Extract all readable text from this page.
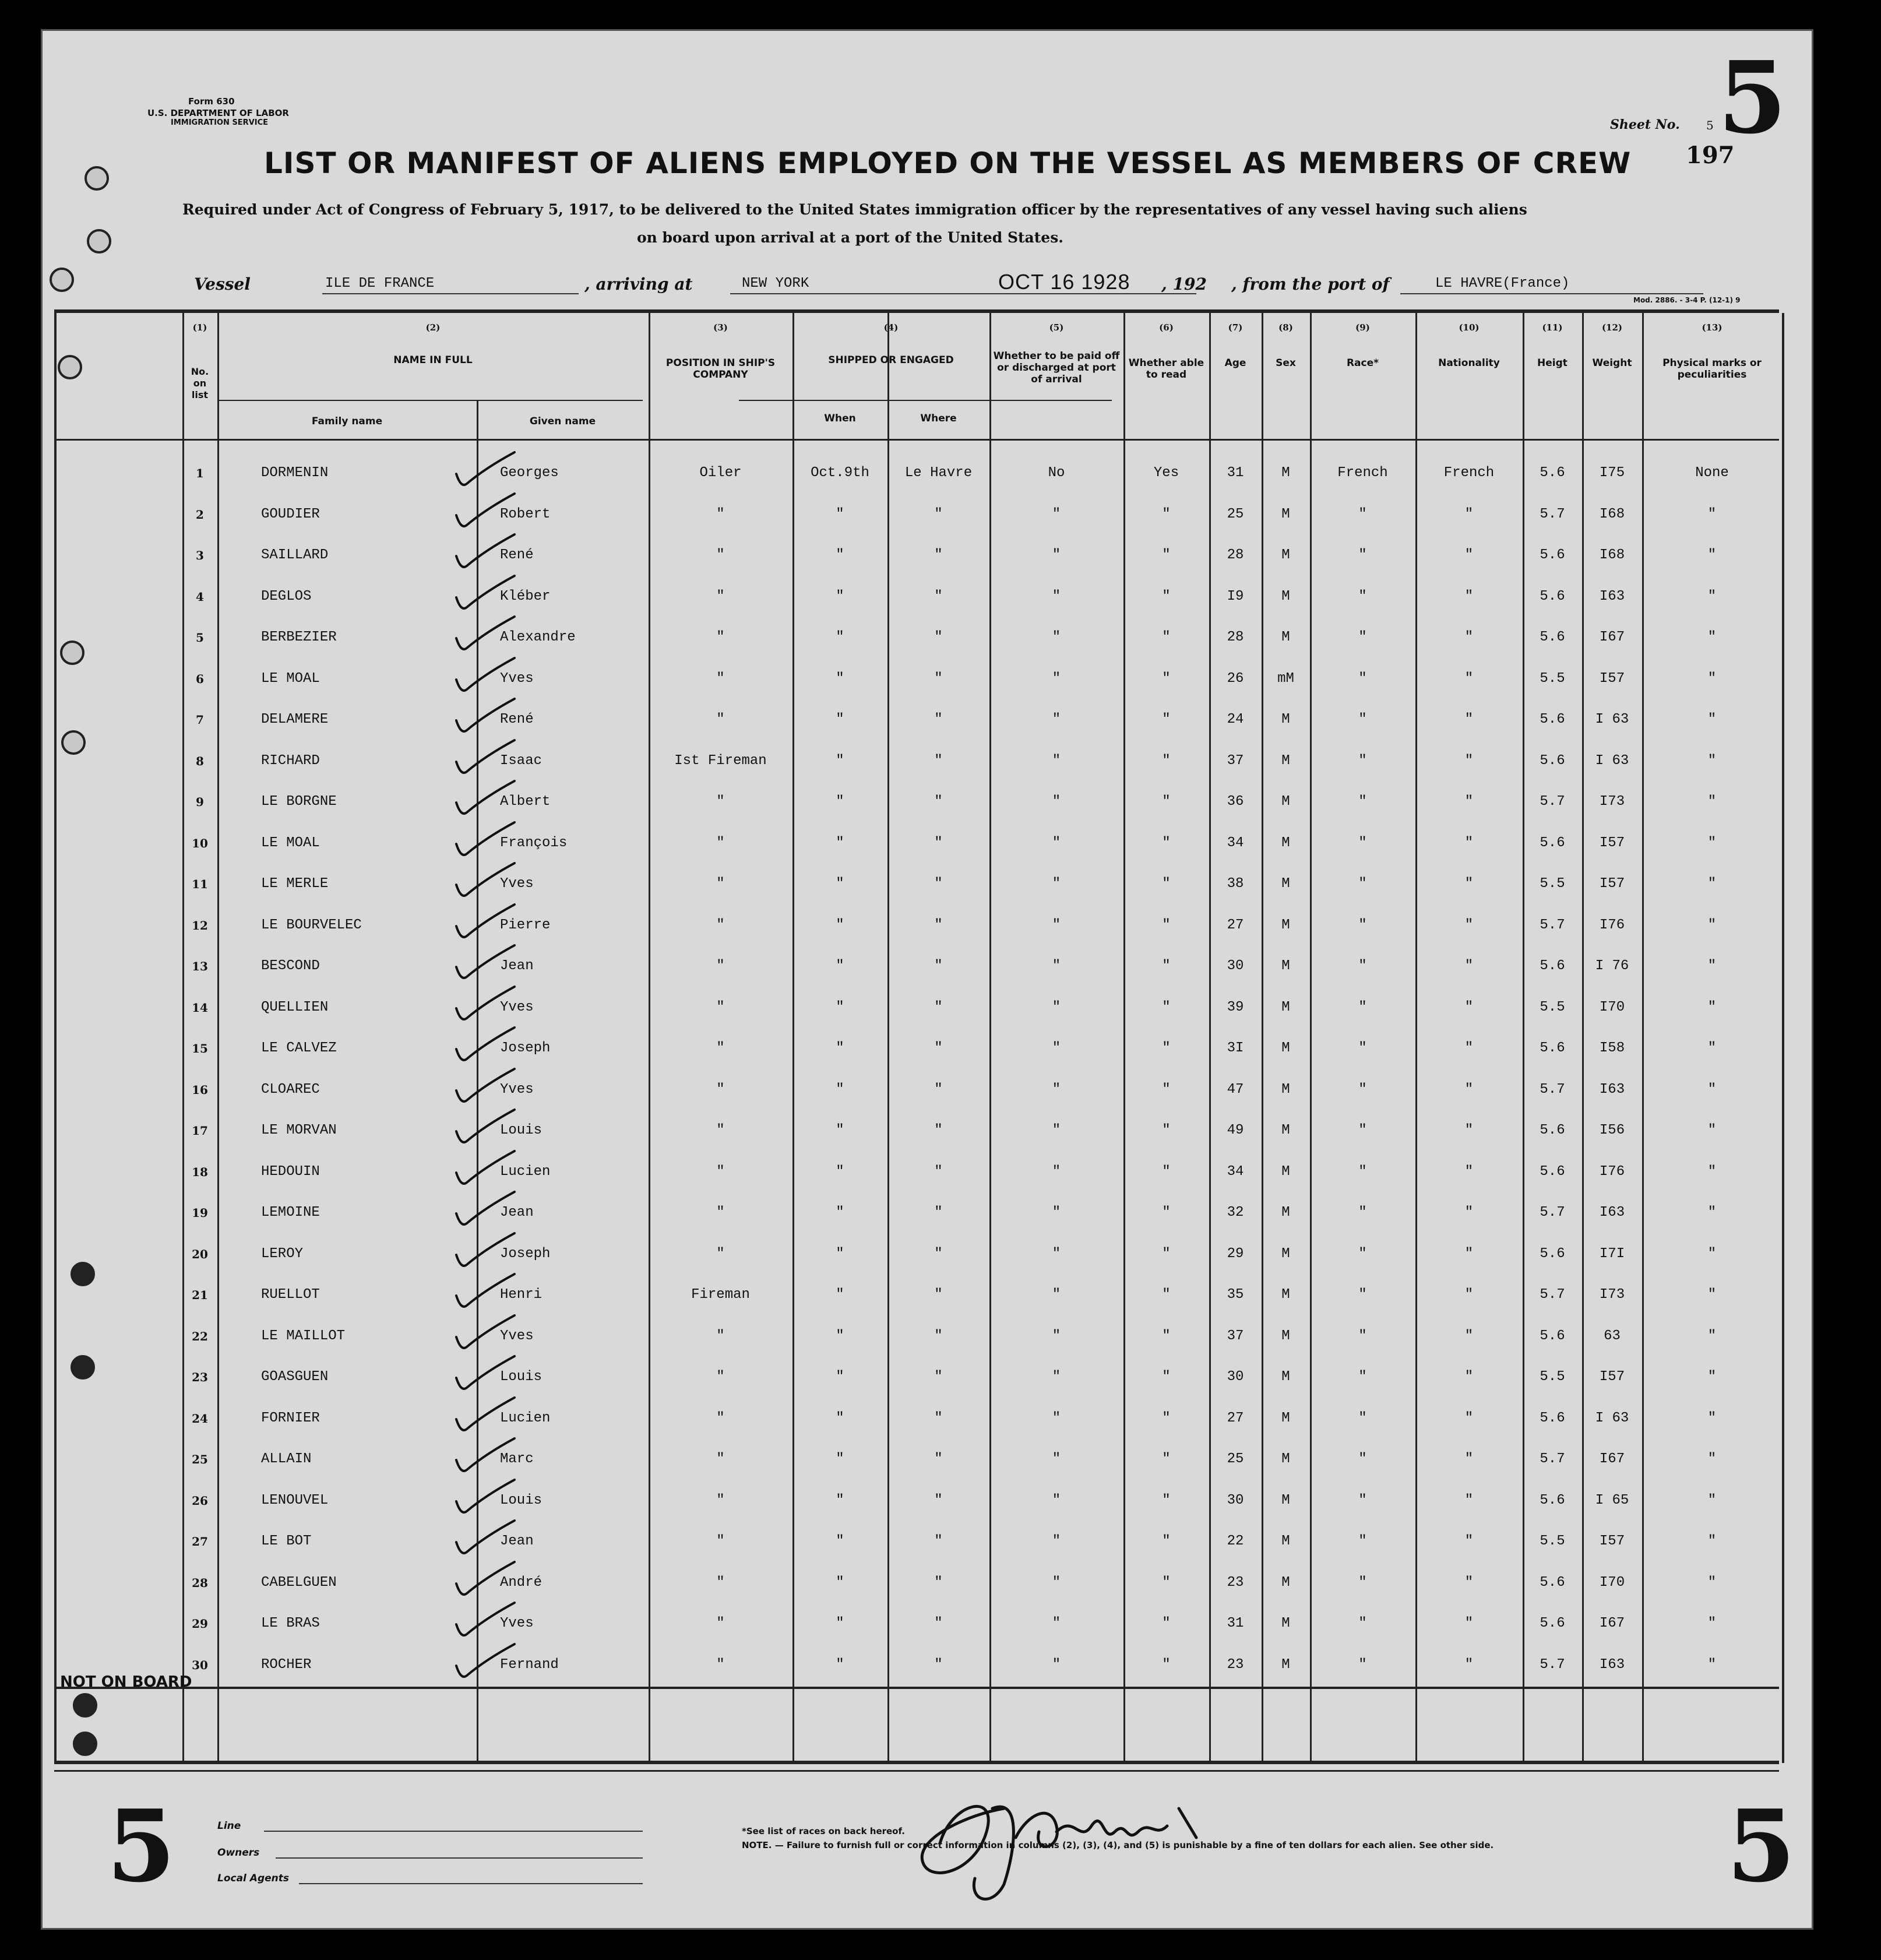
Form 630
U.S. DEPARTMENT OF LABOR
IMMIGRATION SERVICE	Sheet No. 5 5
197
LIST OR MANIFEST OF ALIENS EMPLOYED ON THE VESSEL AS MEMBERS OF CREW
Required under Act of Congress of February 5, 1917, to be delivered to the United States immigration officer by the representatives of any vessel having such aliens
on board upon arrival at a port of the United States.
Vessel	ILE DE FRANCE	, arriving at	NEW YORK	OCT 16 1928 , 192 , from the port of	LE HAVRE(France)
Mod. 2886. - 3-4 P. (12-1) 9
(1)
No. on list
(2)
NAME IN FULL
(3)
POSITION IN SHIP'S COMPANY
(4)
SHIPPED OR ENGAGED
(5)
Whether to be paid off or discharged at port of arrival
(6)
Whether able to read
(7)
Age
(8)
Sex
(9)
Race*
(10)
Nationality
(11)
Heigt
(12)
Weight
(13)
Physical marks or peculiarities
Family name	Given name	When	Where
1	DORMENIN	Georges	Oiler	Oct.9th	Le Havre	No	Yes	31	M	French	French	5.6	I75	None
2	GOUDIER	Robert	"	"	"	"	"	25	M	"	"	5.7	I68	"
3	SAILLARD	René	"	"	"	"	"	28	M	"	"	5.6	I68	"
4	DEGLOS	Kléber	"	"	"	"	"	I9	M	"	"	5.6	I63	"
5	BERBEZIER	Alexandre	"	"	"	"	"	28	M	"	"	5.6	I67	"
6	LE MOAL	Yves	"	"	"	"	"	26	mM	"	"	5.5	I57	"
7	DELAMERE	René	"	"	"	"	"	24	M	"	"	5.6	I 63	"
8	RICHARD	Isaac	Ist Fireman	"	"	"	"	37	M	"	"	5.6	I 63	"
9	LE BORGNE	Albert	"	"	"	"	"	36	M	"	"	5.7	I73	"
10	LE MOAL	François	"	"	"	"	"	34	M	"	"	5.6	I57	"
11	LE MERLE	Yves	"	"	"	"	"	38	M	"	"	5.5	I57	"
12	LE BOURVELEC	Pierre	"	"	"	"	"	27	M	"	"	5.7	I76	"
13	BESCOND	Jean	"	"	"	"	"	30	M	"	"	5.6	I 76	"
14	QUELLIEN	Yves	"	"	"	"	"	39	M	"	"	5.5	I70	"
15	LE CALVEZ	Joseph	"	"	"	"	"	3I	M	"	"	5.6	I58	"
16	CLOAREC	Yves	"	"	"	"	"	47	M	"	"	5.7	I63	"
17	LE MORVAN	Louis	"	"	"	"	"	49	M	"	"	5.6	I56	"
18	HEDOUIN	Lucien	"	"	"	"	"	34	M	"	"	5.6	I76	"
19	LEMOINE	Jean	"	"	"	"	"	32	M	"	"	5.7	I63	"
20	LEROY	Joseph	"	"	"	"	"	29	M	"	"	5.6	I7I	"
21	RUELLOT	Henri	Fireman	"	"	"	"	35	M	"	"	5.7	I73	"
22	LE MAILLOT	Yves	"	"	"	"	"	37	M	"	"	5.6	63	"
23	GOASGUEN	Louis	"	"	"	"	"	30	M	"	"	5.5	I57	"
24	FORNIER	Lucien	"	"	"	"	"	27	M	"	"	5.6	I 63	"
25	ALLAIN	Marc	"	"	"	"	"	25	M	"	"	5.7	I67	"
26	LENOUVEL	Louis	"	"	"	"	"	30	M	"	"	5.6	I 65	"
27	LE BOT	Jean	"	"	"	"	"	22	M	"	"	5.5	I57	"
28	CABELGUEN	André	"	"	"	"	"	23	M	"	"	5.6	I70	"
29	LE BRAS	Yves	"	"	"	"	"	31	M	"	"	5.6	I67	"
30	ROCHER	Fernand	"	"	"	"	"	23	M	"	"	5.7	I63	"
NOT ON BOARD
5	5
Line
Owners
Local Agents
*See list of races on back hereof.
NOTE. — Failure to furnish full or correct information in columns (2), (3), (4), and (5) is punishable by a fine of ten dollars for each alien. See other side.
